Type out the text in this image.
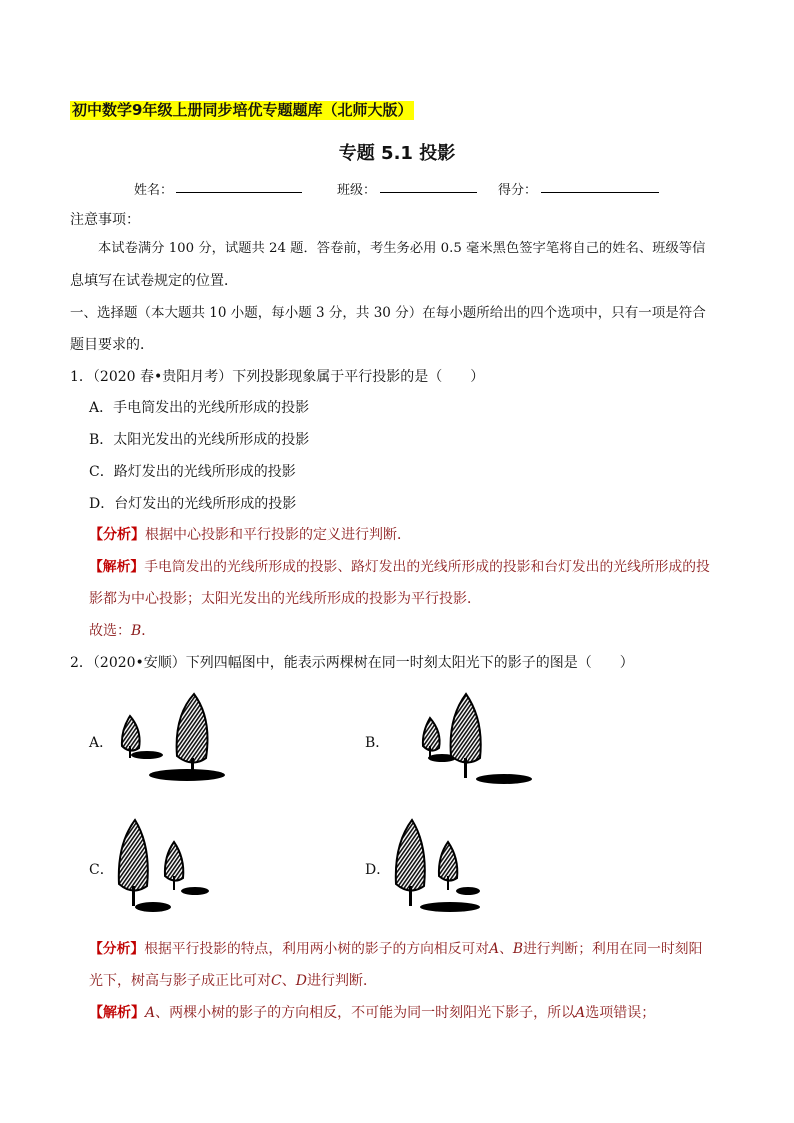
初中数学9年级上册同步培优专题题库（北师大版）
专题 5.1 投影
姓名：	班级：	得分：
注意事项：
本试卷满分 100 分，试题共 24 题．答卷前，考生务必用 0.5 毫米黑色签字笔将自己的姓名、班级等信
息填写在试卷规定的位置．
一、选择题（本大题共 10 小题，每小题 3 分，共 30 分）在每小题所给出的四个选项中，只有一项是符合
题目要求的．
1．（2020 春•贵阳月考）下列投影现象属于平行投影的是（　　）
A．手电筒发出的光线所形成的投影
B．太阳光发出的光线所形成的投影
C．路灯发出的光线所形成的投影
D．台灯发出的光线所形成的投影
【分析】根据中心投影和平行投影的定义进行判断．
【解析】手电筒发出的光线所形成的投影、路灯发出的光线所形成的投影和台灯发出的光线所形成的投
影都为中心投影；太阳光发出的光线所形成的投影为平行投影．
故选：B．
2．（2020•安顺）下列四幅图中，能表示两棵树在同一时刻太阳光下的影子的图是（　　）
A．	B．
C．	D．
【分析】根据平行投影的特点，利用两小树的影子的方向相反可对A、B进行判断；利用在同一时刻阳
光下，树高与影子成正比可对C、D进行判断．
【解析】A、两棵小树的影子的方向相反，不可能为同一时刻阳光下影子，所以A选项错误；
